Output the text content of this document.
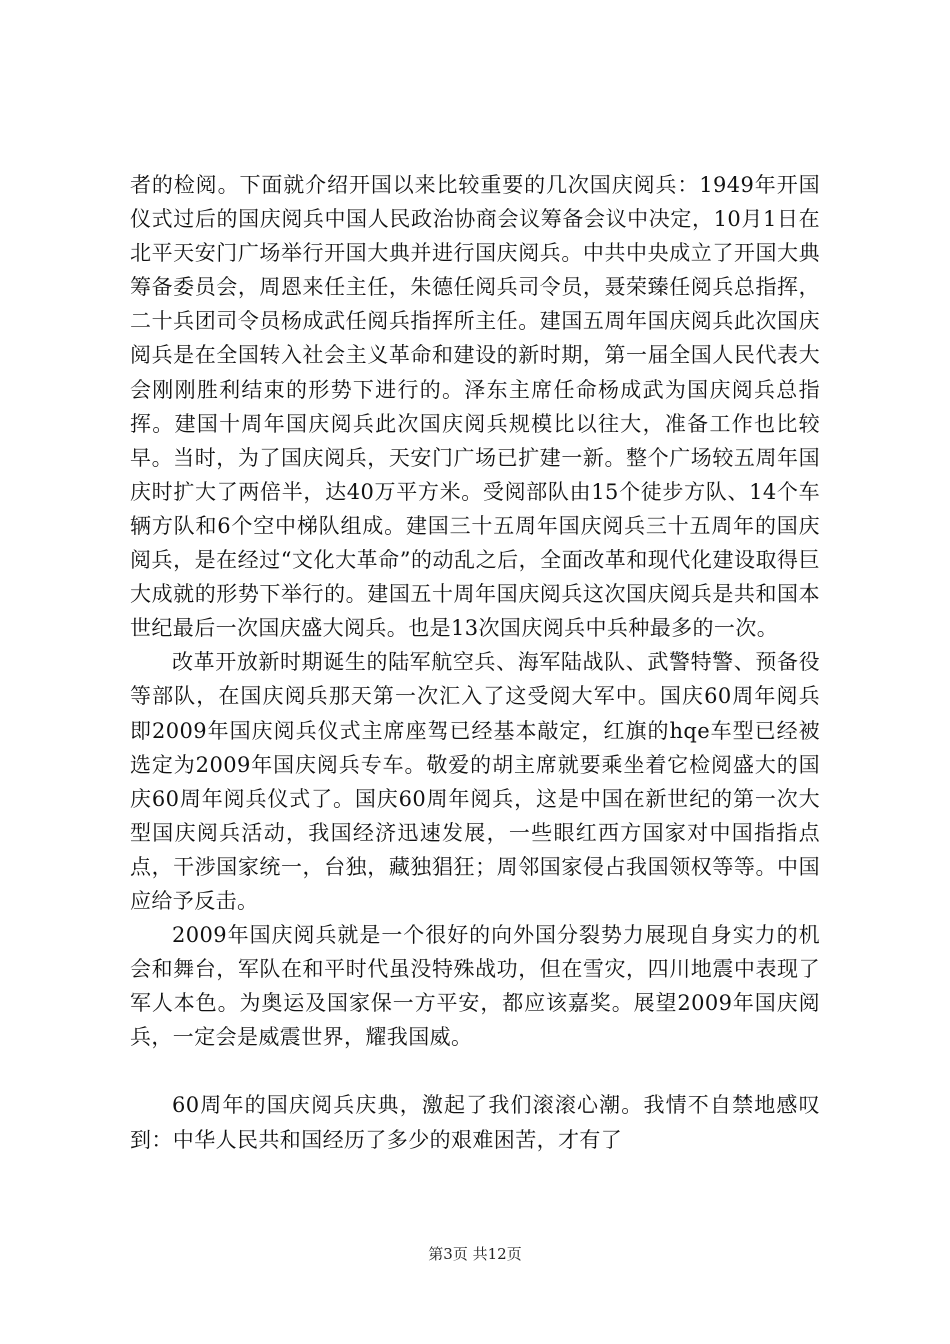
者的检阅。下面就介绍开国以来比较重要的几次国庆阅兵：1949年开国仪式过后的国庆阅兵中国人民政治协商会议筹备会议中决定，10月1日在北平天安门广场举行开国大典并进行国庆阅兵。中共中央成立了开国大典筹备委员会，周恩来任主任，朱德任阅兵司令员，聂荣臻任阅兵总指挥，二十兵团司令员杨成武任阅兵指挥所主任。建国五周年国庆阅兵此次国庆阅兵是在全国转入社会主义革命和建设的新时期，第一届全国人民代表大会刚刚胜利结束的形势下进行的。泽东主席任命杨成武为国庆阅兵总指挥。建国十周年国庆阅兵此次国庆阅兵规模比以往大，准备工作也比较早。当时，为了国庆阅兵，天安门广场已扩建一新。整个广场较五周年国庆时扩大了两倍半，达40万平方米。受阅部队由15个徒步方队、14个车辆方队和6个空中梯队组成。建国三十五周年国庆阅兵三十五周年的国庆阅兵，是在经过“文化大革命”的动乱之后，全面改革和现代化建设取得巨大成就的形势下举行的。建国五十周年国庆阅兵这次国庆阅兵是共和国本世纪最后一次国庆盛大阅兵。也是13次国庆阅兵中兵种最多的一次。

改革开放新时期诞生的陆军航空兵、海军陆战队、武警特警、预备役等部队，在国庆阅兵那天第一次汇入了这受阅大军中。国庆60周年阅兵即2009年国庆阅兵仪式主席座驾已经基本敲定，红旗的hqe车型已经被选定为2009年国庆阅兵专车。敬爱的胡主席就要乘坐着它检阅盛大的国庆60周年阅兵仪式了。国庆60周年阅兵，这是中国在新世纪的第一次大型国庆阅兵活动，我国经济迅速发展，一些眼红西方国家对中国指指点点，干涉国家统一，台独，藏独猖狂；周邻国家侵占我国领权等等。中国应给予反击。

2009年国庆阅兵就是一个很好的向外国分裂势力展现自身实力的机会和舞台，军队在和平时代虽没特殊战功，但在雪灾，四川地震中表现了军人本色。为奥运及国家保一方平安，都应该嘉奖。展望2009年国庆阅兵，一定会是威震世界，耀我国威。

60周年的国庆阅兵庆典，激起了我们滚滚心潮。我情不自禁地感叹到：中华人民共和国经历了多少的艰难困苦，才有了

第3页 共12页
